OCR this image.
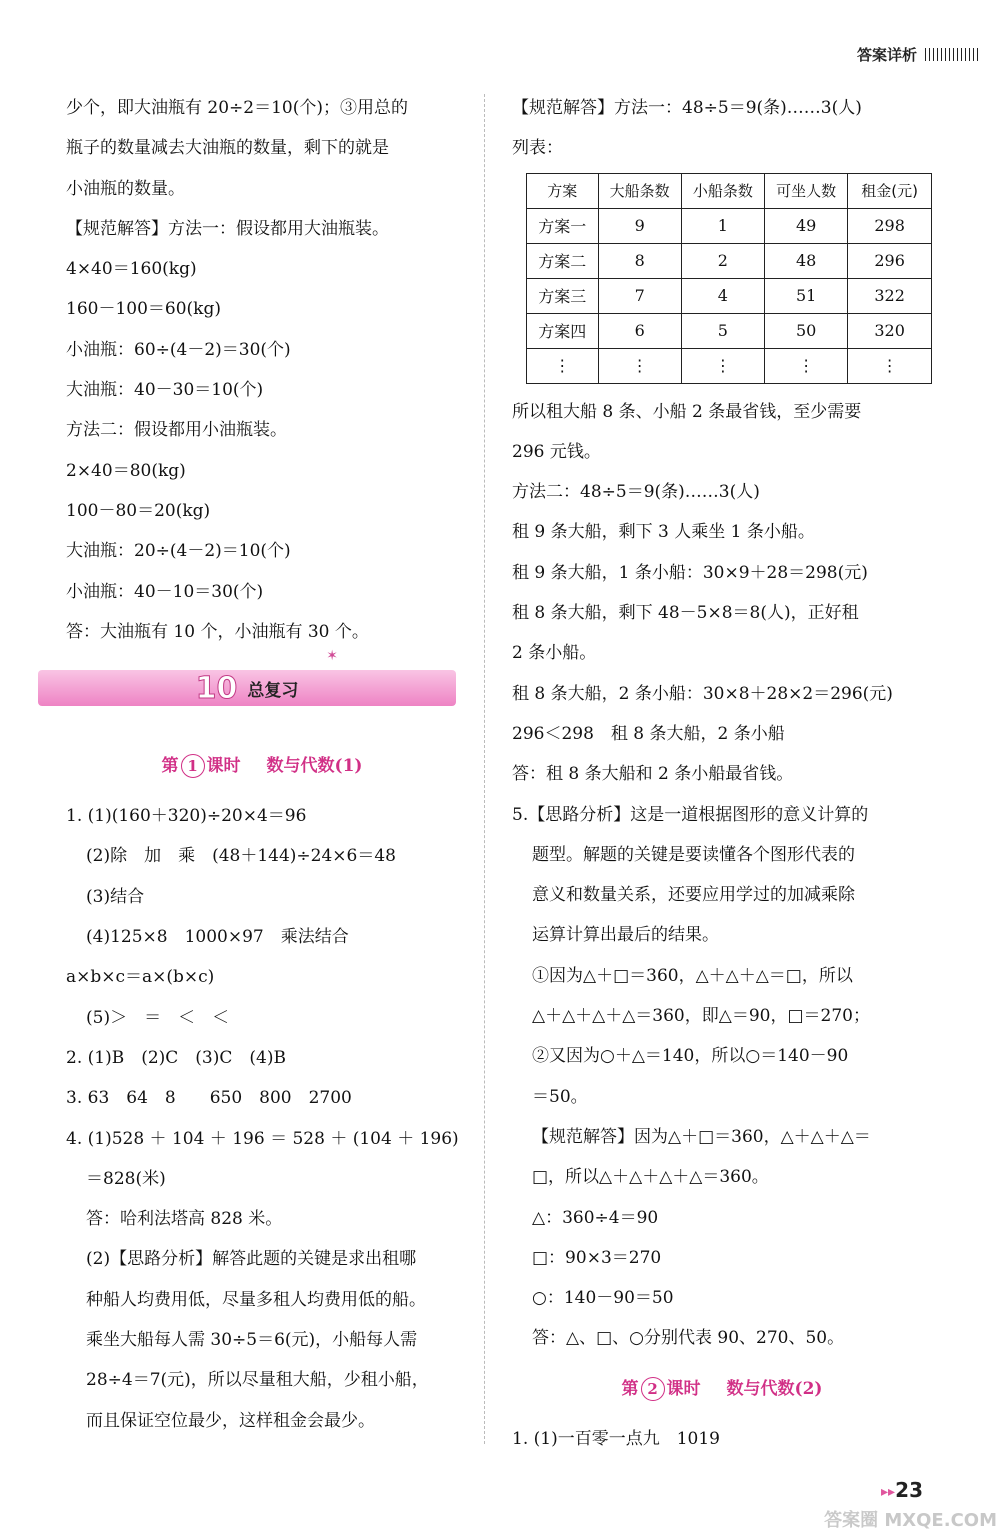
答案详析
少个，即大油瓶有 20÷2＝10(个)；③用总的
瓶子的数量减去大油瓶的数量，剩下的就是
小油瓶的数量。
【规范解答】方法一：假设都用大油瓶装。
4×40＝160(kg)
160－100＝60(kg)
小油瓶：60÷(4－2)＝30(个)
大油瓶：40－30＝10(个)
方法二：假设都用小油瓶装。
2×40＝80(kg)
100－80＝20(kg)
大油瓶：20÷(4－2)＝10(个)
小油瓶：40－10＝30(个)
答：大油瓶有 10 个，小油瓶有 30 个。
✶
10 总复习
第 1 课时 数与代数(1)
1. (1)(160＋320)÷20×4＝96
(2)除　加　乘　(48＋144)÷24×6＝48
(3)结合
(4)125×8　1000×97　乘法结合
a×b×c＝a×(b×c)
(5)＞　＝　＜　＜
2. (1)B　(2)C　(3)C　(4)B
3. 63　64　8　　650　800　2700
4. (1)528 ＋ 104 ＋ 196 ＝ 528 ＋ (104 ＋ 196)
＝828(米)
答：哈利法塔高 828 米。
(2)【思路分析】解答此题的关键是求出租哪
种船人均费用低，尽量多租人均费用低的船。
乘坐大船每人需 30÷5＝6(元)，小船每人需
28÷4＝7(元)，所以尽量租大船，少租小船，
而且保证空位最少，这样租金会最少。
【规范解答】方法一：48÷5＝9(条)……3(人)
列表：
方案	大船条数	小船条数	可坐人数	租金(元)
方案一	9	1	49	298
方案二	8	2	48	296
方案三	7	4	51	322
方案四	6	5	50	320
⋮	⋮	⋮	⋮	⋮
所以租大船 8 条、小船 2 条最省钱，至少需要
296 元钱。
方法二：48÷5＝9(条)……3(人)
租 9 条大船，剩下 3 人乘坐 1 条小船。
租 9 条大船，1 条小船：30×9＋28＝298(元)
租 8 条大船，剩下 48－5×8＝8(人)，正好租
2 条小船。
租 8 条大船，2 条小船：30×8＋28×2＝296(元)
296＜298　租 8 条大船，2 条小船
答：租 8 条大船和 2 条小船最省钱。
5.【思路分析】这是一道根据图形的意义计算的
题型。解题的关键是要读懂各个图形代表的
意义和数量关系，还要应用学过的加减乘除
运算计算出最后的结果。
①因为△＋□＝360，△＋△＋△＝□，所以
△＋△＋△＋△＝360，即△＝90，□＝270；
②又因为○＋△＝140，所以○＝140－90
＝50。
【规范解答】因为△＋□＝360，△＋△＋△＝
□，所以△＋△＋△＋△＝360。
△：360÷4＝90
□：90×3＝270
○：140－90＝50
答：△、□、○分别代表 90、270、50。
第 2 课时 数与代数(2)
1. (1)一百零一点九　1019
▸▸ 23
答案圈 MXQE.COM
